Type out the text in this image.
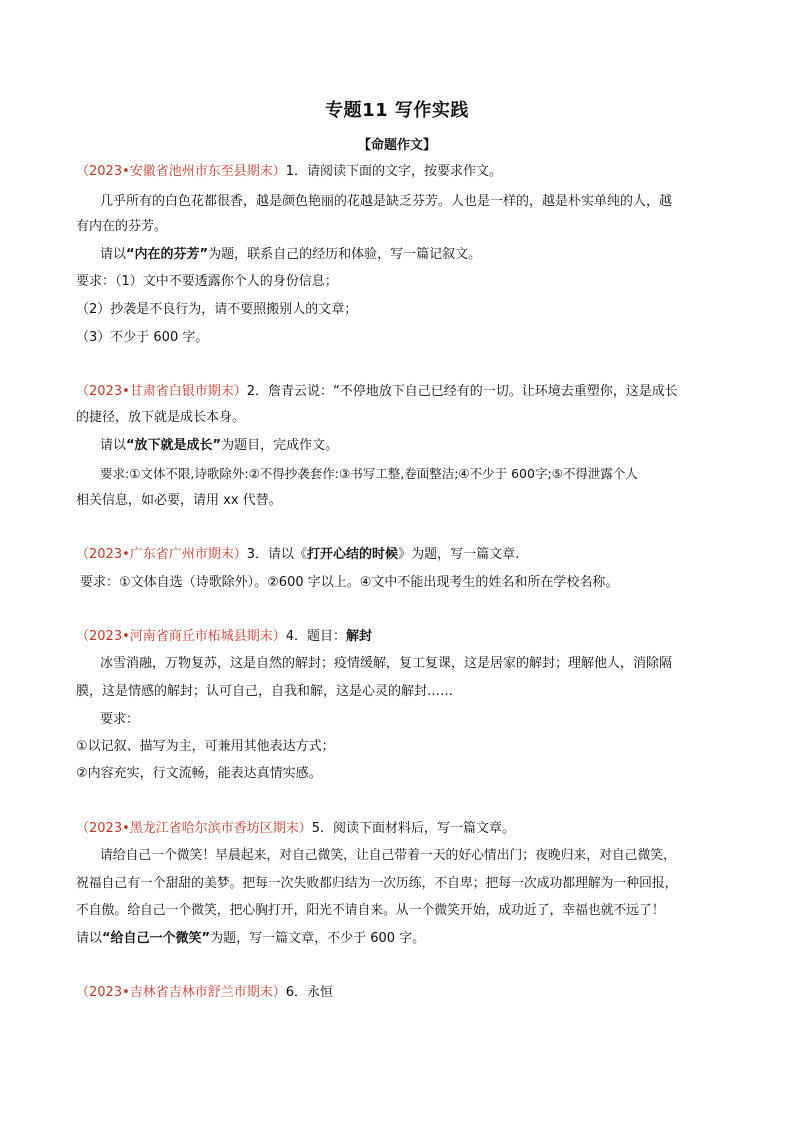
专题11 写作实践
【命题作文】
（2023•安徽省池州市东至县期末）1．请阅读下面的文字，按要求作文。
几乎所有的白色花都很香，越是颜色艳丽的花越是缺乏芬芳。人也是一样的，越是朴实单纯的人，越
有内在的芬芳。
请以“内在的芬芳”为题，联系自己的经历和体验，写一篇记叙文。
要求：（1）文中不要透露你个人的身份信息；
（2）抄袭是不良行为，请不要照搬别人的文章；
（3）不少于 600 字。
（2023•甘肃省白银市期末）2．詹青云说：“不停地放下自己已经有的一切。让环境去重塑你，这是成长
的捷径，放下就是成长本身。
请以“放下就是成长”为题目，完成作文。
要求:①文体不限,诗歌除外:②不得抄袭套作:③书写工整,卷面整洁;④不少于 600字;⑤不得泄露个人
相关信息，如必要，请用 xx 代替。
（2023•广东省广州市期末）3．请以《打开心结的时候》为题，写一篇文章.
要求：①文体自选（诗歌除外）。②600 字以上。④文中不能出现考生的姓名和所在学校名称。
（2023•河南省商丘市柘城县期末）4．题目：解封
冰雪消融，万物复苏，这是自然的解封；疫情缓解，复工复课，这是居家的解封；理解他人，消除隔
膜，这是情感的解封；认可自己，自我和解，这是心灵的解封……
要求：
①以记叙、描写为主，可兼用其他表达方式；
②内容充实，行文流畅，能表达真情实感。
（2023•黑龙江省哈尔滨市香坊区期末）5．阅读下面材料后，写一篇文章。
请给自己一个微笑！早晨起来，对自己微笑，让自己带着一天的好心情出门；夜晚归来，对自己微笑，
祝福自己有一个甜甜的美梦。把每一次失败都归结为一次历练，不自卑；把每一次成功都理解为一种回报，
不自傲。给自己一个微笑，把心胸打开，阳光不请自来。从一个微笑开始，成功近了，幸福也就不远了！
请以“给自己一个微笑”为题，写一篇文章，不少于 600 字。
（2023•吉林省吉林市舒兰市期末）6．永恒
